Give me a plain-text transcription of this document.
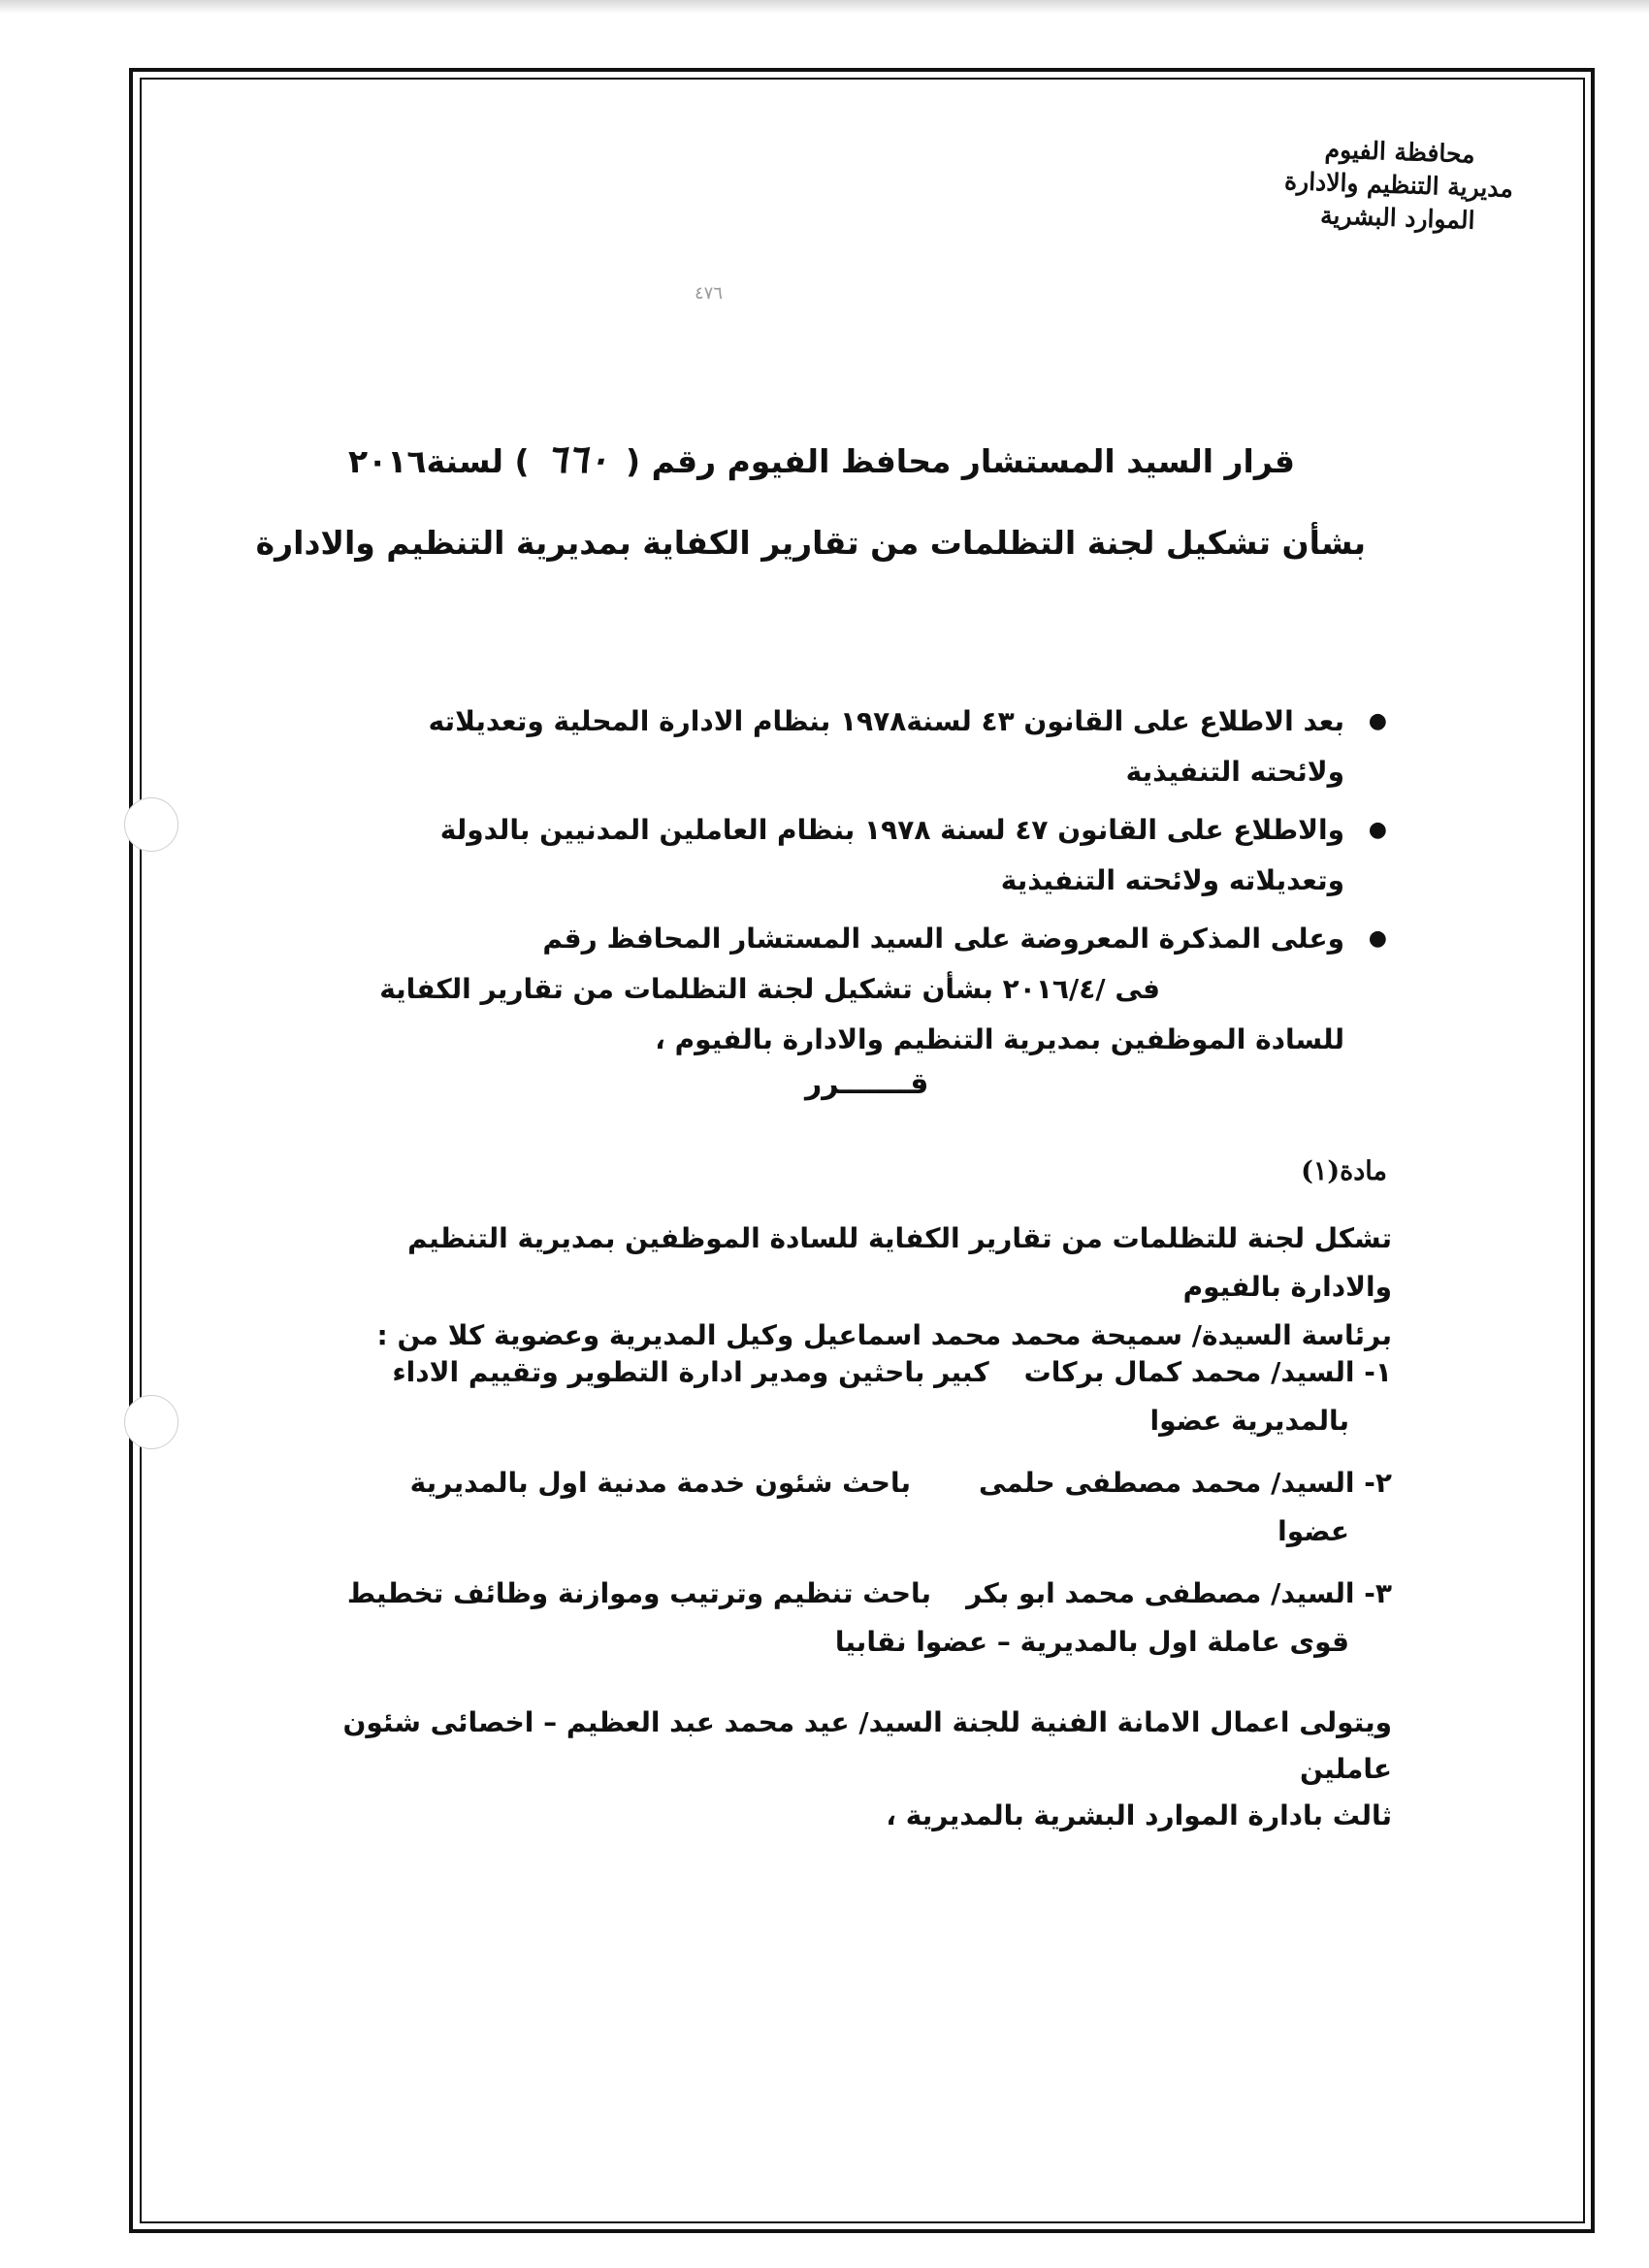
محافظة الفيوم
مديرية التنظيم والادارة
الموارد البشرية
٤٧٦
قرار السيد المستشار محافظ الفيوم رقم ( ٦٦٠ ) لسنة٢٠١٦
بشأن تشكيل لجنة التظلمات من تقارير الكفاية بمديرية التنظيم والادارة
● بعد الاطلاع على القانون ٤٣ لسنة١٩٧٨ بنظام الادارة المحلية وتعديلاته ولائحته التنفيذية
● والاطلاع على القانون ٤٧ لسنة ١٩٧٨ بنظام العاملين المدنيين بالدولة وتعديلاته ولائحته التنفيذية
● وعلى المذكرة المعروضة على السيد المستشار المحافظ رقمفى /٢٠١٦/٤ بشأن تشكيل لجنة التظلمات من تقارير الكفاية للسادة الموظفين بمديرية التنظيم والادارة بالفيوم ،
قـــــــرر
مادة(١)
تشكل لجنة للتظلمات من تقارير الكفاية للسادة الموظفين بمديرية التنظيم والادارة بالفيوم
برئاسة السيدة/ سميحة محمد محمد اسماعيل وكيل المديرية وعضوية كلا من :
١- السيد/ محمد كمال بركاتكبير باحثين ومدير ادارة التطوير وتقييم الاداء
بالمديرية عضوا
٢- السيد/ محمد مصطفى حلمىباحث شئون خدمة مدنية اول بالمديرية
عضوا
٣- السيد/ مصطفى محمد ابو بكرباحث تنظيم وترتيب وموازنة وظائف تخطيط
قوى عاملة اول بالمديرية – عضوا نقابيا
ويتولى اعمال الامانة الفنية للجنة السيد/ عيد محمد عبد العظيم – اخصائى شئون عاملين
ثالث بادارة الموارد البشرية بالمديرية ،
